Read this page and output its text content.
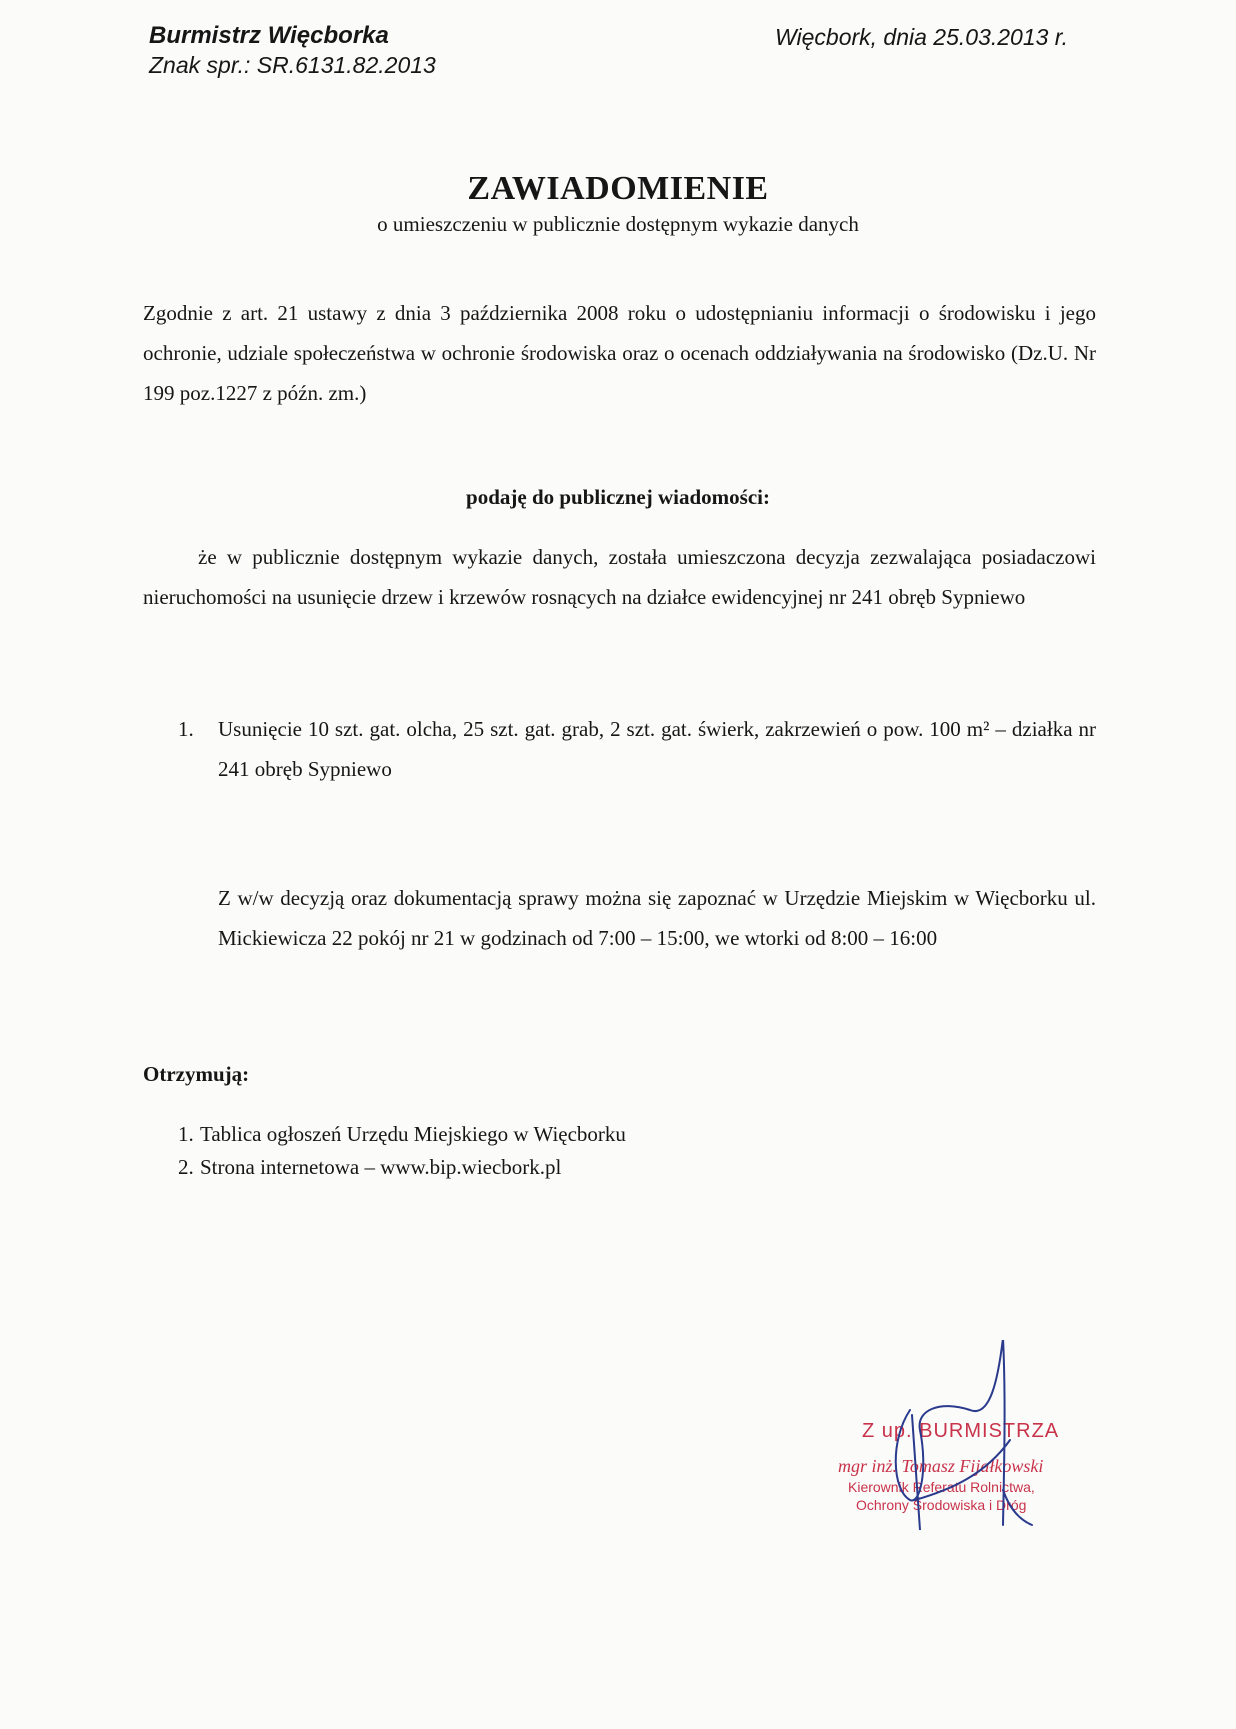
Burmistrz Więcborka
Znak spr.: SR.6131.82.2013
Więcbork, dnia 25.03.2013 r.
ZAWIADOMIENIE
o umieszczeniu w publicznie dostępnym wykazie danych

Zgodnie z art. 21 ustawy z dnia 3 października 2008 roku o udostępnianiu informacji o środowisku i jego ochronie, udziale społeczeństwa w ochronie środowiska oraz o ocenach oddziaływania na środowisko (Dz.U. Nr 199 poz.1227 z późn. zm.)

podaję do publicznej wiadomości:

że w publicznie dostępnym wykazie danych, została umieszczona decyzja zezwalająca posiadaczowi nieruchomości na usunięcie drzew i krzewów rosnących na działce ewidencyjnej nr 241 obręb Sypniewo

1. Usunięcie 10 szt. gat. olcha, 25 szt. gat. grab, 2 szt. gat. świerk, zakrzewień o pow. 100 m² – działka nr 241 obręb Sypniewo

Z w/w decyzją oraz dokumentacją sprawy można się zapoznać w Urzędzie Miejskim w Więcborku ul. Mickiewicza 22 pokój nr 21 w godzinach od 7:00 – 15:00, we wtorki od 8:00 – 16:00

Otrzymują:
1. Tablica ogłoszeń Urzędu Miejskiego w Więcborku
2. Strona internetowa – www.bip.wiecbork.pl
Z up. BURMISTRZA
mgr inż. Tomasz Fijałkowski
Kierownik Referatu Rolnictwa,
Ochrony Środowiska i Dróg
